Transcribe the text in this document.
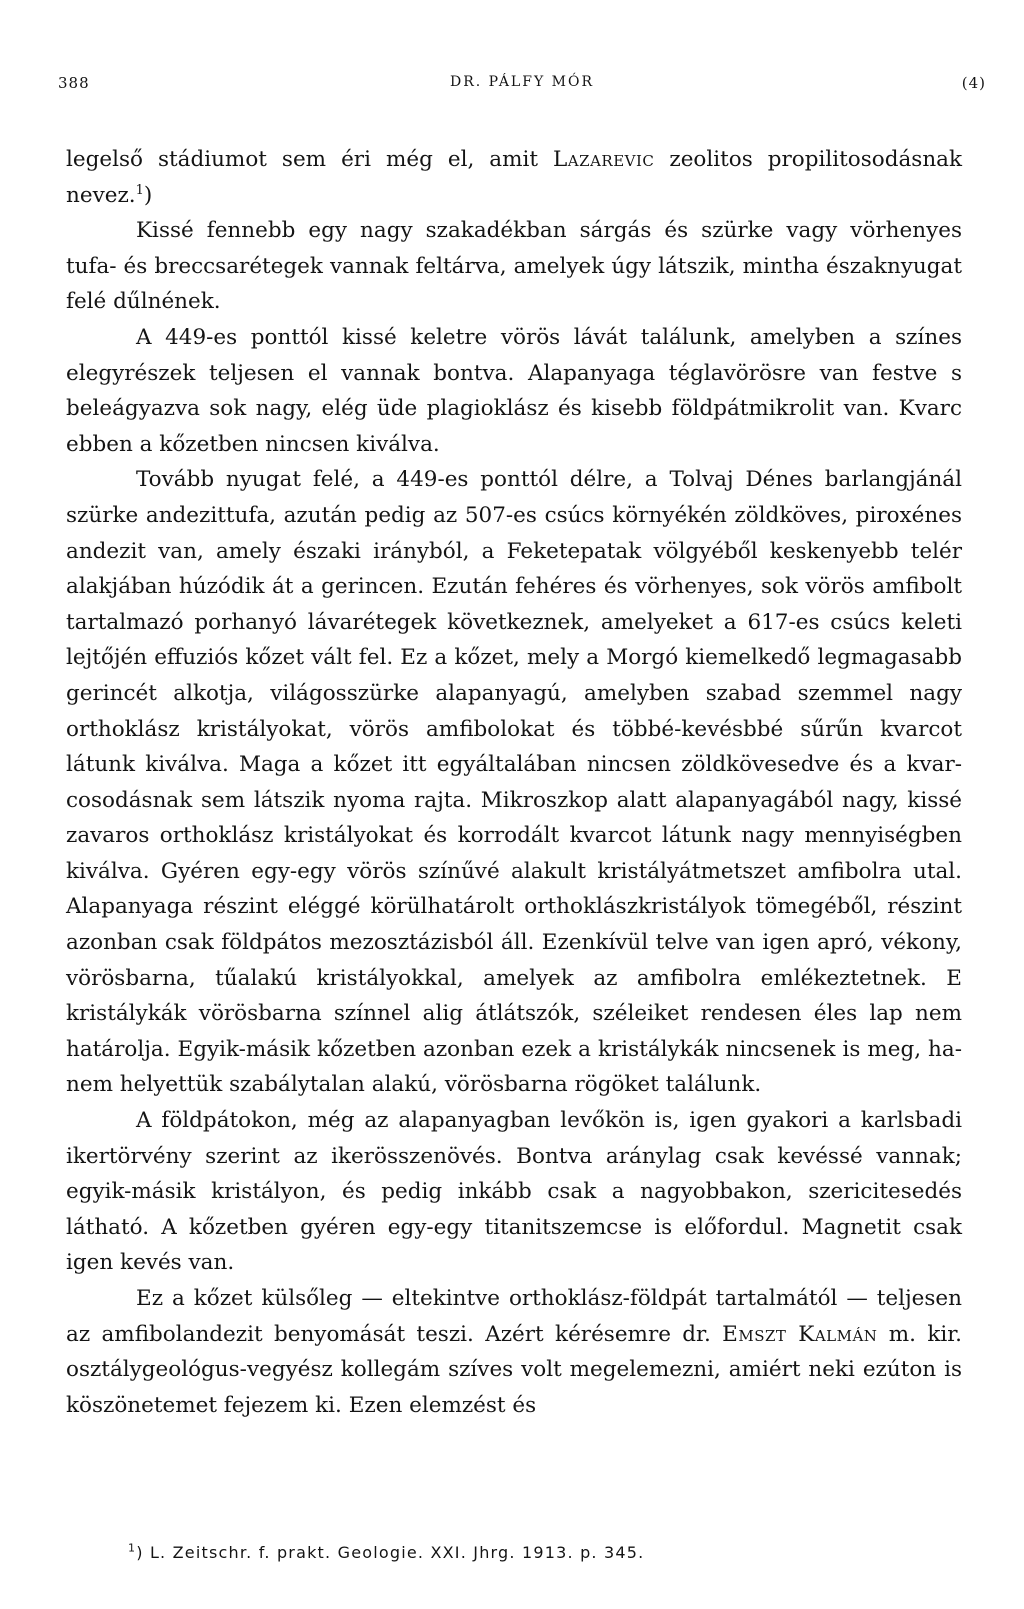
388	DR. PÁLFY MÓR	(4)

legelső stádiumot sem éri még el, amit Lazarevic zeolitos propilitosodásnak nevez.$^1$)

Kissé fennebb egy nagy szakadékban sárgás és szürke vagy vörhenyes tufa- és breccsarétegek vannak feltárva, amelyek úgy látszik, mintha északnyugat felé dűlnének.

A 449-es ponttól kissé keletre vörös lávát találunk, amelyben a színes elegyrészek teljesen el vannak bontva. Alapanyaga téglavörösre van festve s beleágyazva sok nagy, elég üde plagioklász és kisebb földpátmikrolit van. Kvarc ebben a kőzetben nincsen kiválva.

Tovább nyugat felé, a 449-es ponttól délre, a Tolvaj Dénes barlangjánál szürke andezittufa, azután pedig az 507-es csúcs környékén zöldköves, piroxénes andezit van, amely északi irányból, a Feketepatak völgyéből keskenyebb telér alakjában húzódik át a gerincen. Ezután fehéres és vörhenyes, sok vörös amfibolt tartalmazó porhanyó lávarétegek következnek, amelyeket a 617-es csúcs keleti lejtőjén effuziós kőzet vált fel. Ez a kőzet, mely a Morgó kiemelkedő legmagasabb gerincét alkotja, világosszürke alapanyagú, amelyben szabad szemmel nagy orthoklász kristályokat, vörös amfibolokat és többé-kevésbbé sűrűn kvarcot látunk kiválva. Maga a kőzet itt egyáltalában nincsen zöldkövesedve és a kvarcosodásnak sem látszik nyoma rajta. Mikroszkop alatt alapanyagából nagy, kissé zavaros orthoklász kristályokat és korrodált kvarcot látunk nagy mennyiségben kiválva. Gyéren egy-egy vörös színűvé alakult kristályátmetszet amfibolra utal. Alapanyaga részint eléggé körülhatárolt orthoklászkristályok tömegéből, részint azonban csak földpátos mezosztázisból áll. Ezenkívül telve van igen apró, vékony, vörösbarna, tűalakú kristályokkal, amelyek az amfibolra emlékeztetnek. E kristálykák vörösbarna színnel alig átlátszók, széleiket rendesen éles lap nem határolja. Egyik-másik kőzetben azonban ezek a kristálykák nincsenek is meg, hanem helyettük szabálytalan alakú, vörösbarna rögöket találunk.

A földpátokon, még az alapanyagban levőkön is, igen gyakori a karlsbadi ikertörvény szerint az ikerösszenövés. Bontva aránylag csak kevéssé vannak; egyik-másik kristályon, és pedig inkább csak a nagyobbakon, szericitesedés látható. A kőzetben gyéren egy-egy titanitszemcse is előfordul. Magnetit csak igen kevés van.

Ez a kőzet külsőleg — eltekintve orthoklász-földpát tartalmától — teljesen az amfibolandezit benyomását teszi. Azért kérésemre dr. Emszt Kalmán m. kir. osztálygeológus-vegyész kollegám szíves volt megelemezni, amiért neki ezúton is köszönetemet fejezem ki. Ezen elemzést és

$^1$) L. Zeitschr. f. prakt. Geologie. XXI. Jhrg. 1913. p. 345.
